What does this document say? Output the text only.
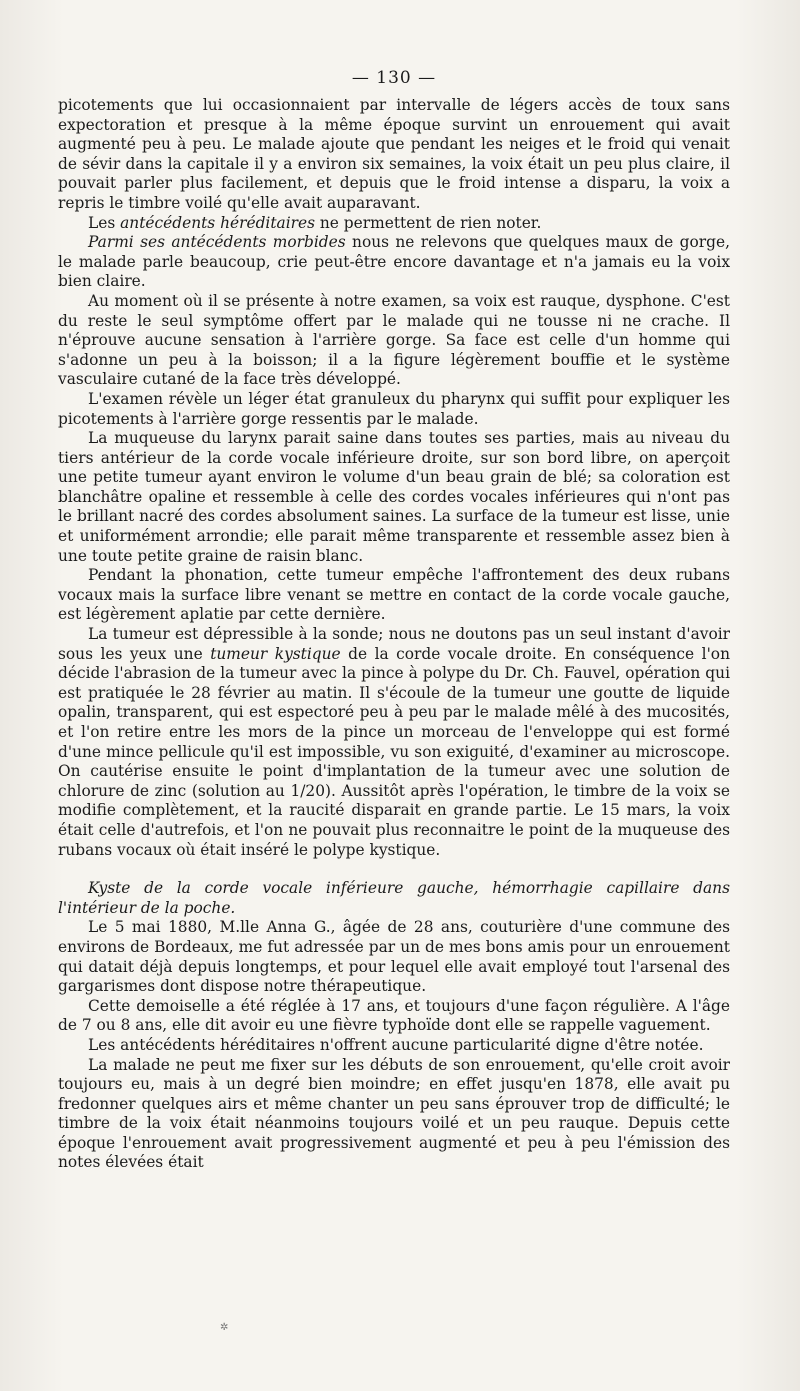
— 130 —

picotements que lui occasionnaient par intervalle de légers accès de toux sans expectoration et presque à la même époque survint un enrouement qui avait augmenté peu à peu. Le malade ajoute que pendant les neiges et le froid qui venait de sévir dans la capitale il y a environ six semaines, la voix était un peu plus claire, il pouvait parler plus facilement, et depuis que le froid intense a disparu, la voix a repris le timbre voilé qu'elle avait auparavant.

Les antécédents héréditaires ne permettent de rien noter.

Parmi ses antécédents morbides nous ne relevons que quelques maux de gorge, le malade parle beaucoup, crie peut-être encore davantage et n'a jamais eu la voix bien claire.

Au moment où il se présente à notre examen, sa voix est rauque, dysphone. C'est du reste le seul symptôme offert par le malade qui ne tousse ni ne crache. Il n'éprouve aucune sensation à l'arrière gorge. Sa face est celle d'un homme qui s'adonne un peu à la boisson; il a la figure légèrement bouffie et le système vasculaire cutané de la face très développé.

L'examen révèle un léger état granuleux du pharynx qui suffit pour expliquer les picotements à l'arrière gorge ressentis par le malade.

La muqueuse du larynx parait saine dans toutes ses parties, mais au niveau du tiers antérieur de la corde vocale inférieure droite, sur son bord libre, on aperçoit une petite tumeur ayant environ le volume d'un beau grain de blé; sa coloration est blanchâtre opaline et ressemble à celle des cordes vocales inférieures qui n'ont pas le brillant nacré des cordes absolument saines. La surface de la tumeur est lisse, unie et uniformément arrondie; elle parait même transparente et ressemble assez bien à une toute petite graine de raisin blanc.

Pendant la phonation, cette tumeur empêche l'affrontement des deux rubans vocaux mais la surface libre venant se mettre en contact de la corde vocale gauche, est légèrement aplatie par cette dernière.

La tumeur est dépressible à la sonde; nous ne doutons pas un seul instant d'avoir sous les yeux une tumeur kystique de la corde vocale droite. En conséquence l'on décide l'abrasion de la tumeur avec la pince à polype du Dr. Ch. Fauvel, opération qui est pratiquée le 28 février au matin. Il s'écoule de la tumeur une goutte de liquide opalin, transparent, qui est espectoré peu à peu par le malade mêlé à des mucosités, et l'on retire entre les mors de la pince un morceau de l'enveloppe qui est formé d'une mince pellicule qu'il est impossible, vu son exiguité, d'examiner au microscope. On cautérise ensuite le point d'implantation de la tumeur avec une solution de chlorure de zinc (solution au 1/20). Aussitôt après l'opération, le timbre de la voix se modifie complètement, et la raucité disparait en grande partie. Le 15 mars, la voix était celle d'autrefois, et l'on ne pouvait plus reconnaitre le point de la muqueuse des rubans vocaux où était inséré le polype kystique.

Kyste de la corde vocale inférieure gauche, hémorrhagie capillaire dans l'intérieur de la poche.

Le 5 mai 1880, M.lle Anna G., âgée de 28 ans, couturière d'une commune des environs de Bordeaux, me fut adressée par un de mes bons amis pour un enrouement qui datait déjà depuis longtemps, et pour lequel elle avait employé tout l'arsenal des gargarismes dont dispose notre thérapeutique.

Cette demoiselle a été réglée à 17 ans, et toujours d'une façon régulière. A l'âge de 7 ou 8 ans, elle dit avoir eu une fièvre typhoïde dont elle se rappelle vaguement.

Les antécédents héréditaires n'offrent aucune particularité digne d'être notée.

La malade ne peut me fixer sur les débuts de son enrouement, qu'elle croit avoir toujours eu, mais à un degré bien moindre; en effet jusqu'en 1878, elle avait pu fredonner quelques airs et même chanter un peu sans éprouver trop de difficulté; le timbre de la voix était néanmoins toujours voilé et un peu rauque. Depuis cette époque l'enrouement avait progressivement augmenté et peu à peu l'émission des notes élevées était

✲
